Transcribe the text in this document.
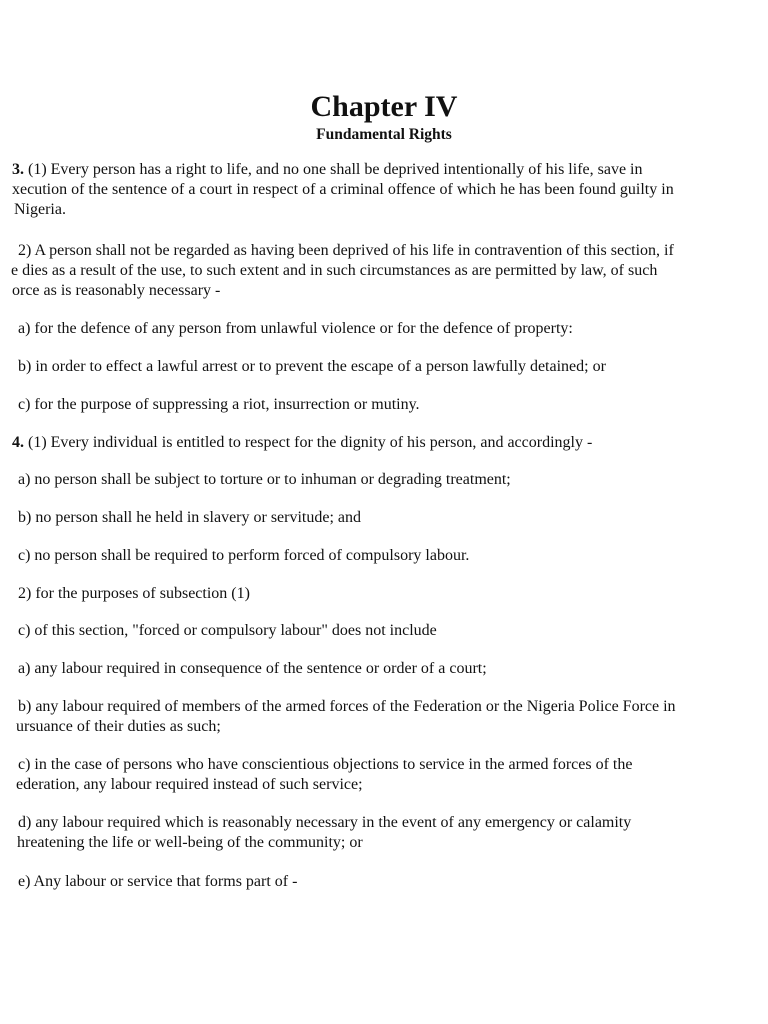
Chapter IV
Fundamental Rights

3. (1) Every person has a right to life, and no one shall be deprived intentionally of his life, save in
xecution of the sentence of a court in respect of a criminal offence of which he has been found guilty in
Nigeria.

2) A person shall not be regarded as having been deprived of his life in contravention of this section, if
e dies as a result of the use, to such extent and in such circumstances as are permitted by law, of such
orce as is reasonably necessary -

a) for the defence of any person from unlawful violence or for the defence of property:

b) in order to effect a lawful arrest or to prevent the escape of a person lawfully detained; or

c) for the purpose of suppressing a riot, insurrection or mutiny.

4. (1) Every individual is entitled to respect for the dignity of his person, and accordingly -

a) no person shall be subject to torture or to inhuman or degrading treatment;

b) no person shall he held in slavery or servitude; and

c) no person shall be required to perform forced of compulsory labour.

2) for the purposes of subsection (1)

c) of this section, "forced or compulsory labour" does not include

a) any labour required in consequence of the sentence or order of a court;

b) any labour required of members of the armed forces of the Federation or the Nigeria Police Force in
ursuance of their duties as such;

c) in the case of persons who have conscientious objections to service in the armed forces of the
ederation, any labour required instead of such service;

d) any labour required which is reasonably necessary in the event of any emergency or calamity
hreatening the life or well-being of the community; or

e) Any labour or service that forms part of -
